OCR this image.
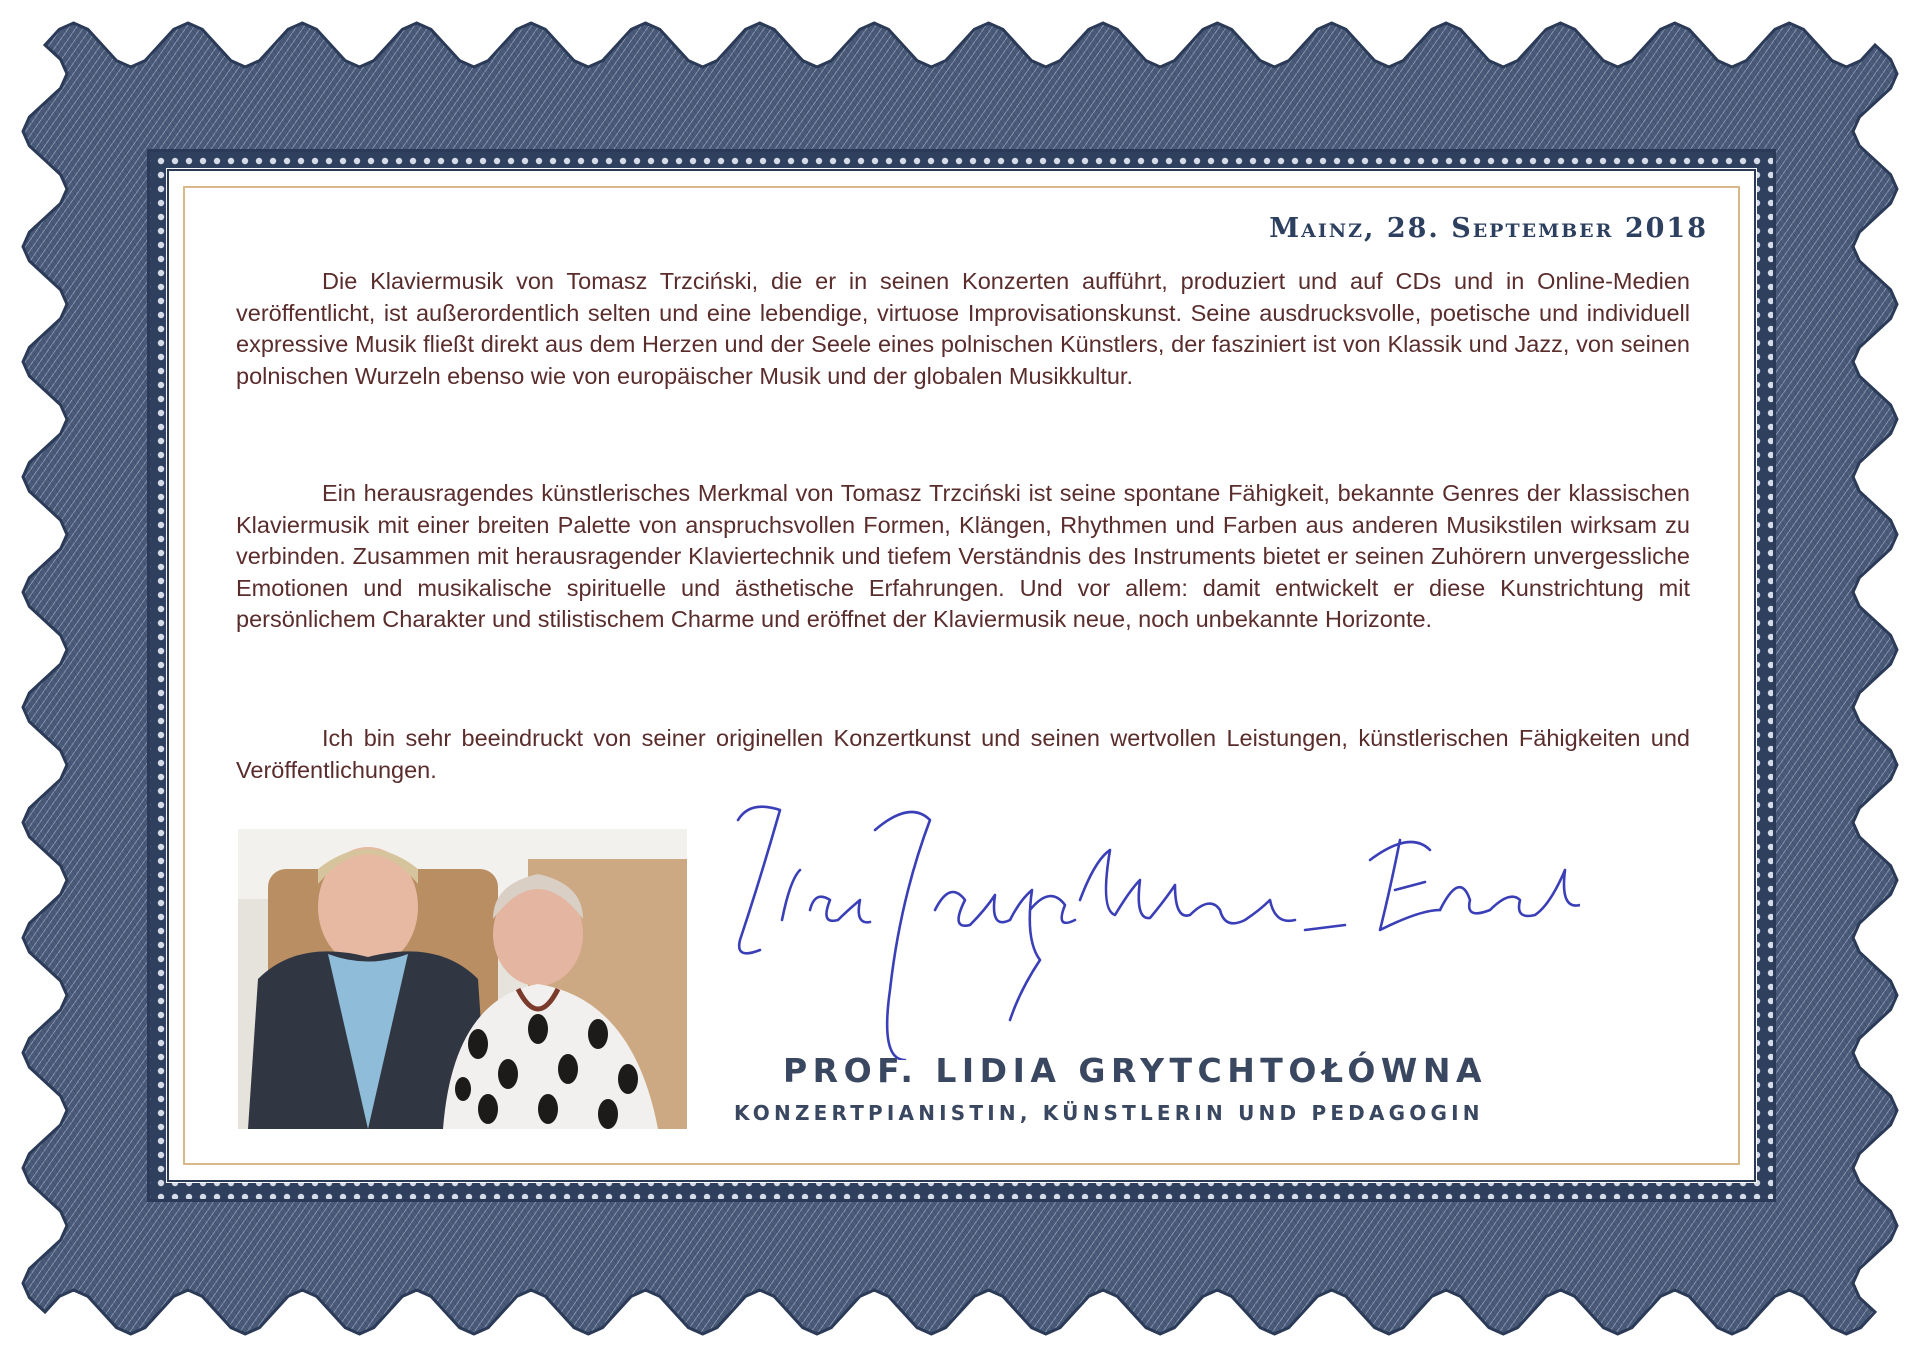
Mainz, 28. September 2018

Die Klaviermusik von Tomasz Trzciński, die er in seinen Konzerten aufführt, produziert und auf CDs und in Online-Medien veröffentlicht, ist außerordentlich selten und eine lebendige, virtuose Improvisationskunst. Seine ausdrucksvolle, poetische und individuell expressive Musik fließt direkt aus dem Herzen und der Seele eines polnischen Künstlers, der fasziniert ist von Klassik und Jazz, von seinen polnischen Wurzeln ebenso wie von europäischer Musik und der globalen Musikkultur.

Ein herausragendes künstlerisches Merkmal von Tomasz Trzciński ist seine spontane Fähigkeit, bekannte Genres der klassischen Klaviermusik mit einer breiten Palette von anspruchsvollen Formen, Klängen, Rhythmen und Farben aus anderen Musikstilen wirksam zu verbinden. Zusammen mit herausragender Klaviertechnik und tiefem Verständnis des Instruments bietet er seinen Zuhörern unvergessliche Emotionen und musikalische spirituelle und ästhetische Erfahrungen. Und vor allem: damit entwickelt er diese Kunstrichtung mit persönlichem Charakter und stilistischem Charme und eröffnet der Klaviermusik neue, noch unbekannte Horizonte.

Ich bin sehr beeindruckt von seiner originellen Konzertkunst und seinen wertvollen Leistungen, künstlerischen Fähigkeiten und Veröffentlichungen.

PROF. LIDIA GRYTCHTOŁÓWNA
KONZERTPIANISTIN, KÜNSTLERIN UND PEDAGOGIN
